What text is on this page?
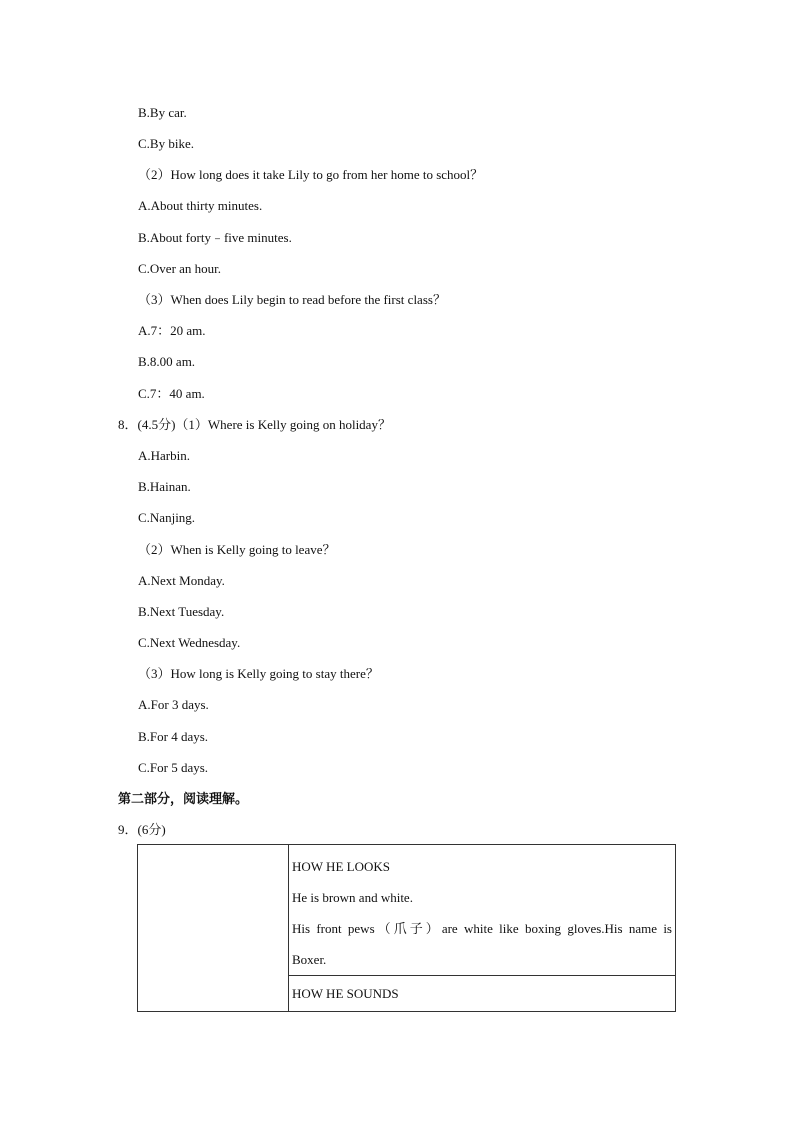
B.By car.
C.By bike.
（2）How long does it take Lily to go from her home to school？
A.About thirty minutes.
B.About forty﹣five minutes.
C.Over an hour.
（3）When does Lily begin to read before the first class？
A.7：20 am.
B.8.00 am.
C.7：40 am.
8．(4.5分)（1）Where is Kelly going on holiday？
A.Harbin.
B.Hainan.
C.Nanjing.
（2）When is Kelly going to leave？
A.Next Monday.
B.Next Tuesday.
C.Next Wednesday.
（3）How long is Kelly going to stay there？
A.For 3 days.
B.For 4 days.
C.For 5 days.
第二部分，阅读理解。
9．(6分)

HOW HE LOOKS

He is brown and white.

His front pews（爪子）are white like boxing gloves.His name is

Boxer.

HOW HE SOUNDS
